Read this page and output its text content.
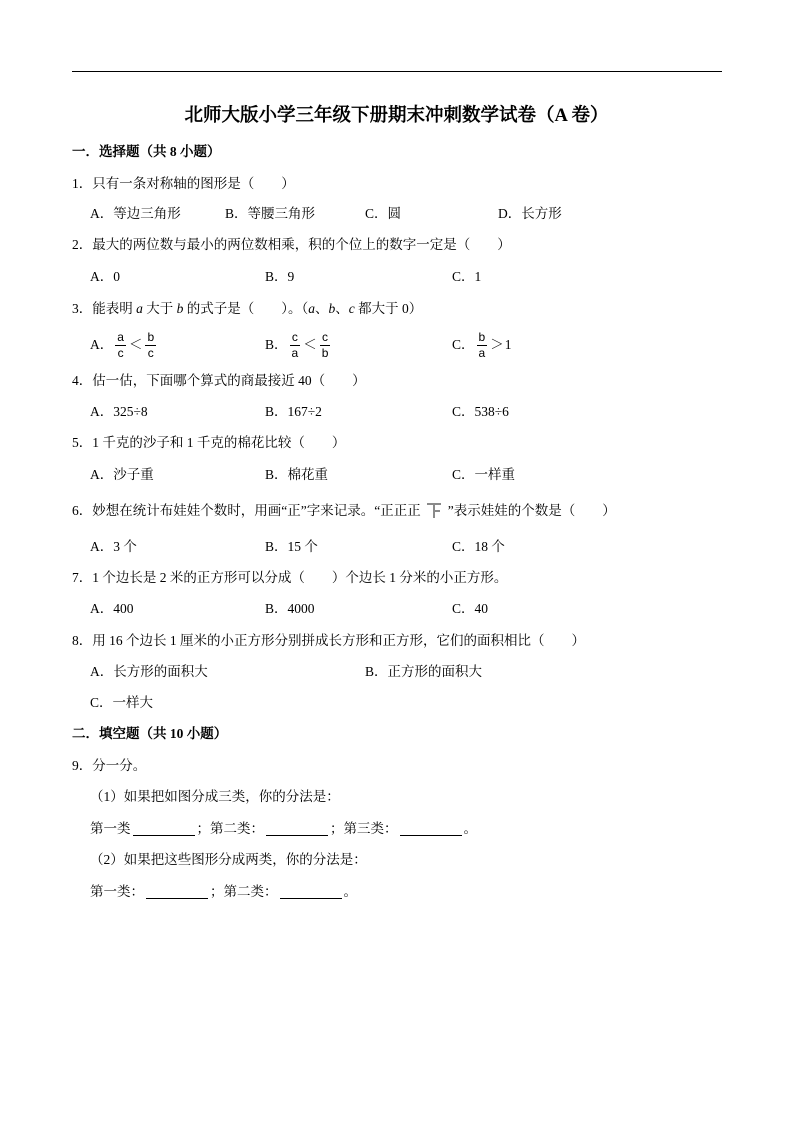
北师大版小学三年级下册期末冲刺数学试卷（A 卷）
一．选择题（共 8 小题）
1．只有一条对称轴的图形是（　　）
A．等边三角形	B．等腰三角形	C．圆	D．长方形
2．最大的两位数与最小的两位数相乘，积的个位上的数字一定是（　　）
A．0	B．9	C．1
3．能表明 a 大于 b 的式子是（　　）。（a、b、c 都大于 0）
A． $\frac{a}{c} < \frac{b}{c}$	B． $\frac{c}{a} < \frac{c}{b}$	C． $\frac{b}{a} > 1$
4．估一估，下面哪个算式的商最接近 40（　　）
A．325÷8	B．167÷2	C．538÷6
5．1 千克的沙子和 1 千克的棉花比较（　　）
A．沙子重	B．棉花重	C．一样重
6．妙想在统计布娃娃个数时，用画“正”字来记录。“正正正 ”表示娃娃的个数是（　　）
A．3 个	B．15 个	C．18 个
7．1 个边长是 2 米的正方形可以分成（　　）个边长 1 分米的小正方形。
A．400	B．4000	C．40
8．用 16 个边长 1 厘米的小正方形分别拼成长方形和正方形，它们的面积相比（　　）
A．长方形的面积大	B．正方形的面积大
C．一样大
二．填空题（共 10 小题）
9．分一分。
（1）如果把如图分成三类，你的分法是：
第一类	；第二类：	；第三类：	。
（2）如果把这些图形分成两类，你的分法是：
第一类：	；第二类：	。
